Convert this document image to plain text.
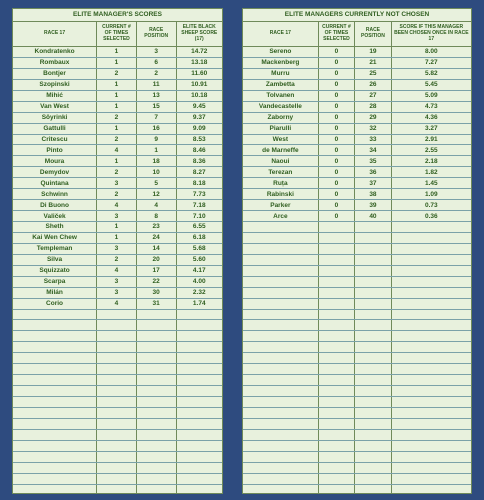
ELITE MANAGER'S SCORES
RACE 17	CURRENT # OF TIMES SELECTED	RACE POSITION	ELITE BLACK SHEEP SCORE (17)
Kondratenko	1	3	14.72
Rombaux	1	6	13.18
Bontjer	2	2	11.60
Szopinski	1	11	10.91
Mihić	1	13	10.18
Van West	1	15	9.45
Söyrinki	2	7	9.37
Gattulli	1	16	9.09
Critescu	2	9	8.53
Pinto	4	1	8.46
Moura	1	18	8.36
Demydov	2	10	8.27
Quintana	3	5	8.18
Schwinn	2	12	7.73
Di Buono	4	4	7.18
Valiček	3	8	7.10
Sheth	1	23	6.55
Kai Wen Chew	1	24	6.18
Templeman	3	14	5.68
Silva	2	20	5.60
Squizzato	4	17	4.17
Scarpa	3	22	4.00
Milán	3	30	2.32
Corio	4	31	1.74

ELITE MANAGERS CURRENTLY NOT CHOSEN
RACE 17	CURRENT # OF TIMES SELECTED	RACE POSITION	SCORE IF THIS MANAGER BEEN CHOSEN ONCE IN RACE 17
Sereno	0	19	8.00
Mackenberg	0	21	7.27
Murru	0	25	5.82
Zambetta	0	26	5.45
Tolvanen	0	27	5.09
Vandecastelle	0	28	4.73
Zaborny	0	29	4.36
Piarulli	0	32	3.27
West	0	33	2.91
de Marneffe	0	34	2.55
Naoui	0	35	2.18
Terezan	0	36	1.82
Ruța	0	37	1.45
Rabinski	0	38	1.09
Parker	0	39	0.73
Arce	0	40	0.36
